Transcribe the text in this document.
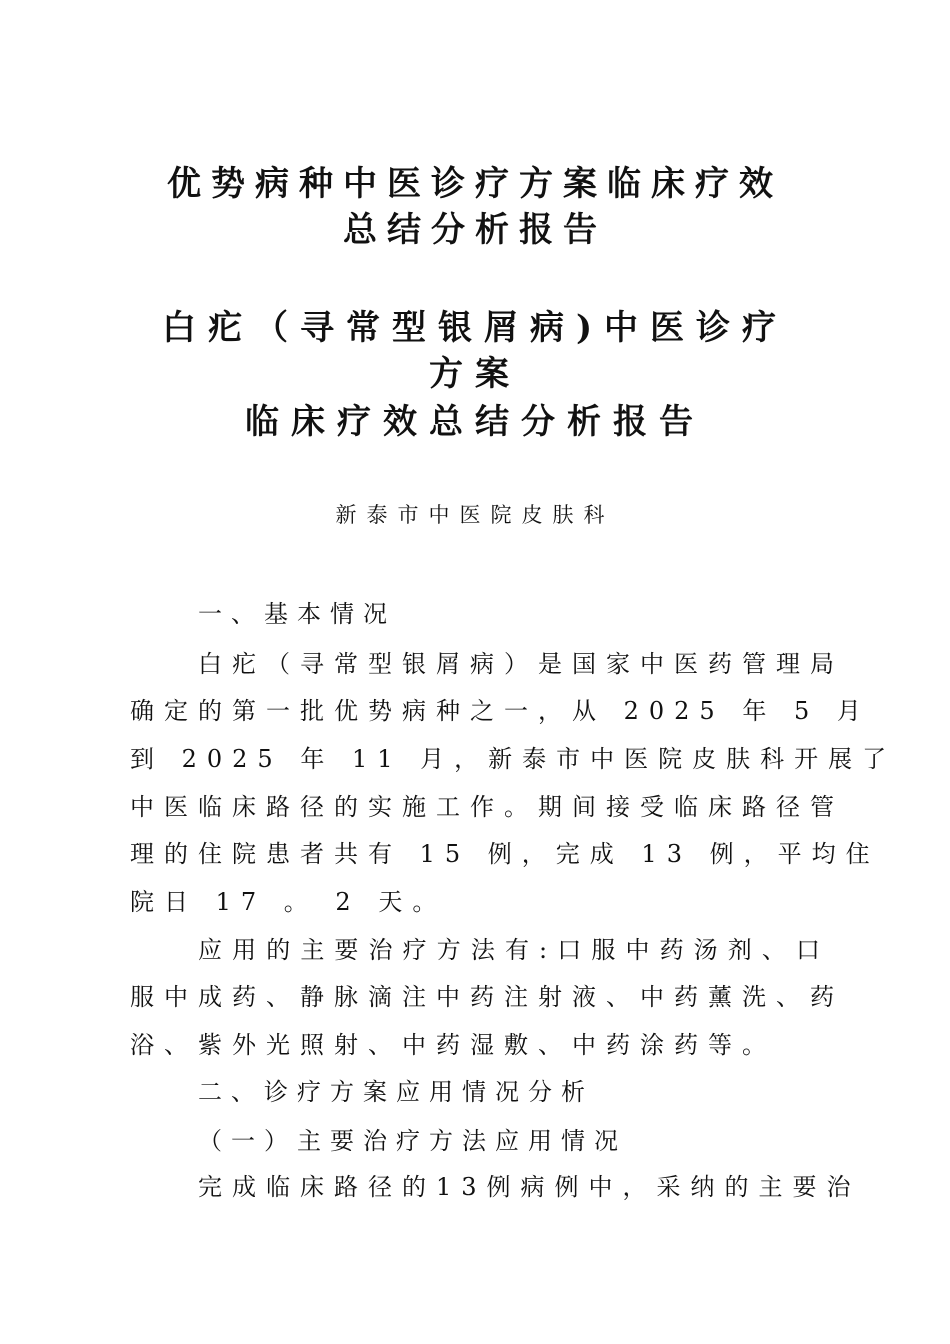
优势病种中医诊疗方案临床疗效
总结分析报告
白疕（寻常型银屑病)中医诊疗
方案
临床疗效总结分析报告
新泰市中医院皮肤科
一、基本情况
白疕（寻常型银屑病）是国家中医药管理局
确定的第一批优势病种之一，从 2025 年 5 月
到 2025 年 11 月，新泰市中医院皮肤科开展了
中医临床路径的实施工作。期间接受临床路径管
理的住院患者共有 15 例，完成 13 例，平均住
院日 17 。 2 天。
应用的主要治疗方法有:口服中药汤剂、口
服中成药、静脉滴注中药注射液、中药薰洗、药
浴、紫外光照射、中药湿敷、中药涂药等。
二、诊疗方案应用情况分析
（一）主要治疗方法应用情况
完成临床路径的13例病例中，采纳的主要治
